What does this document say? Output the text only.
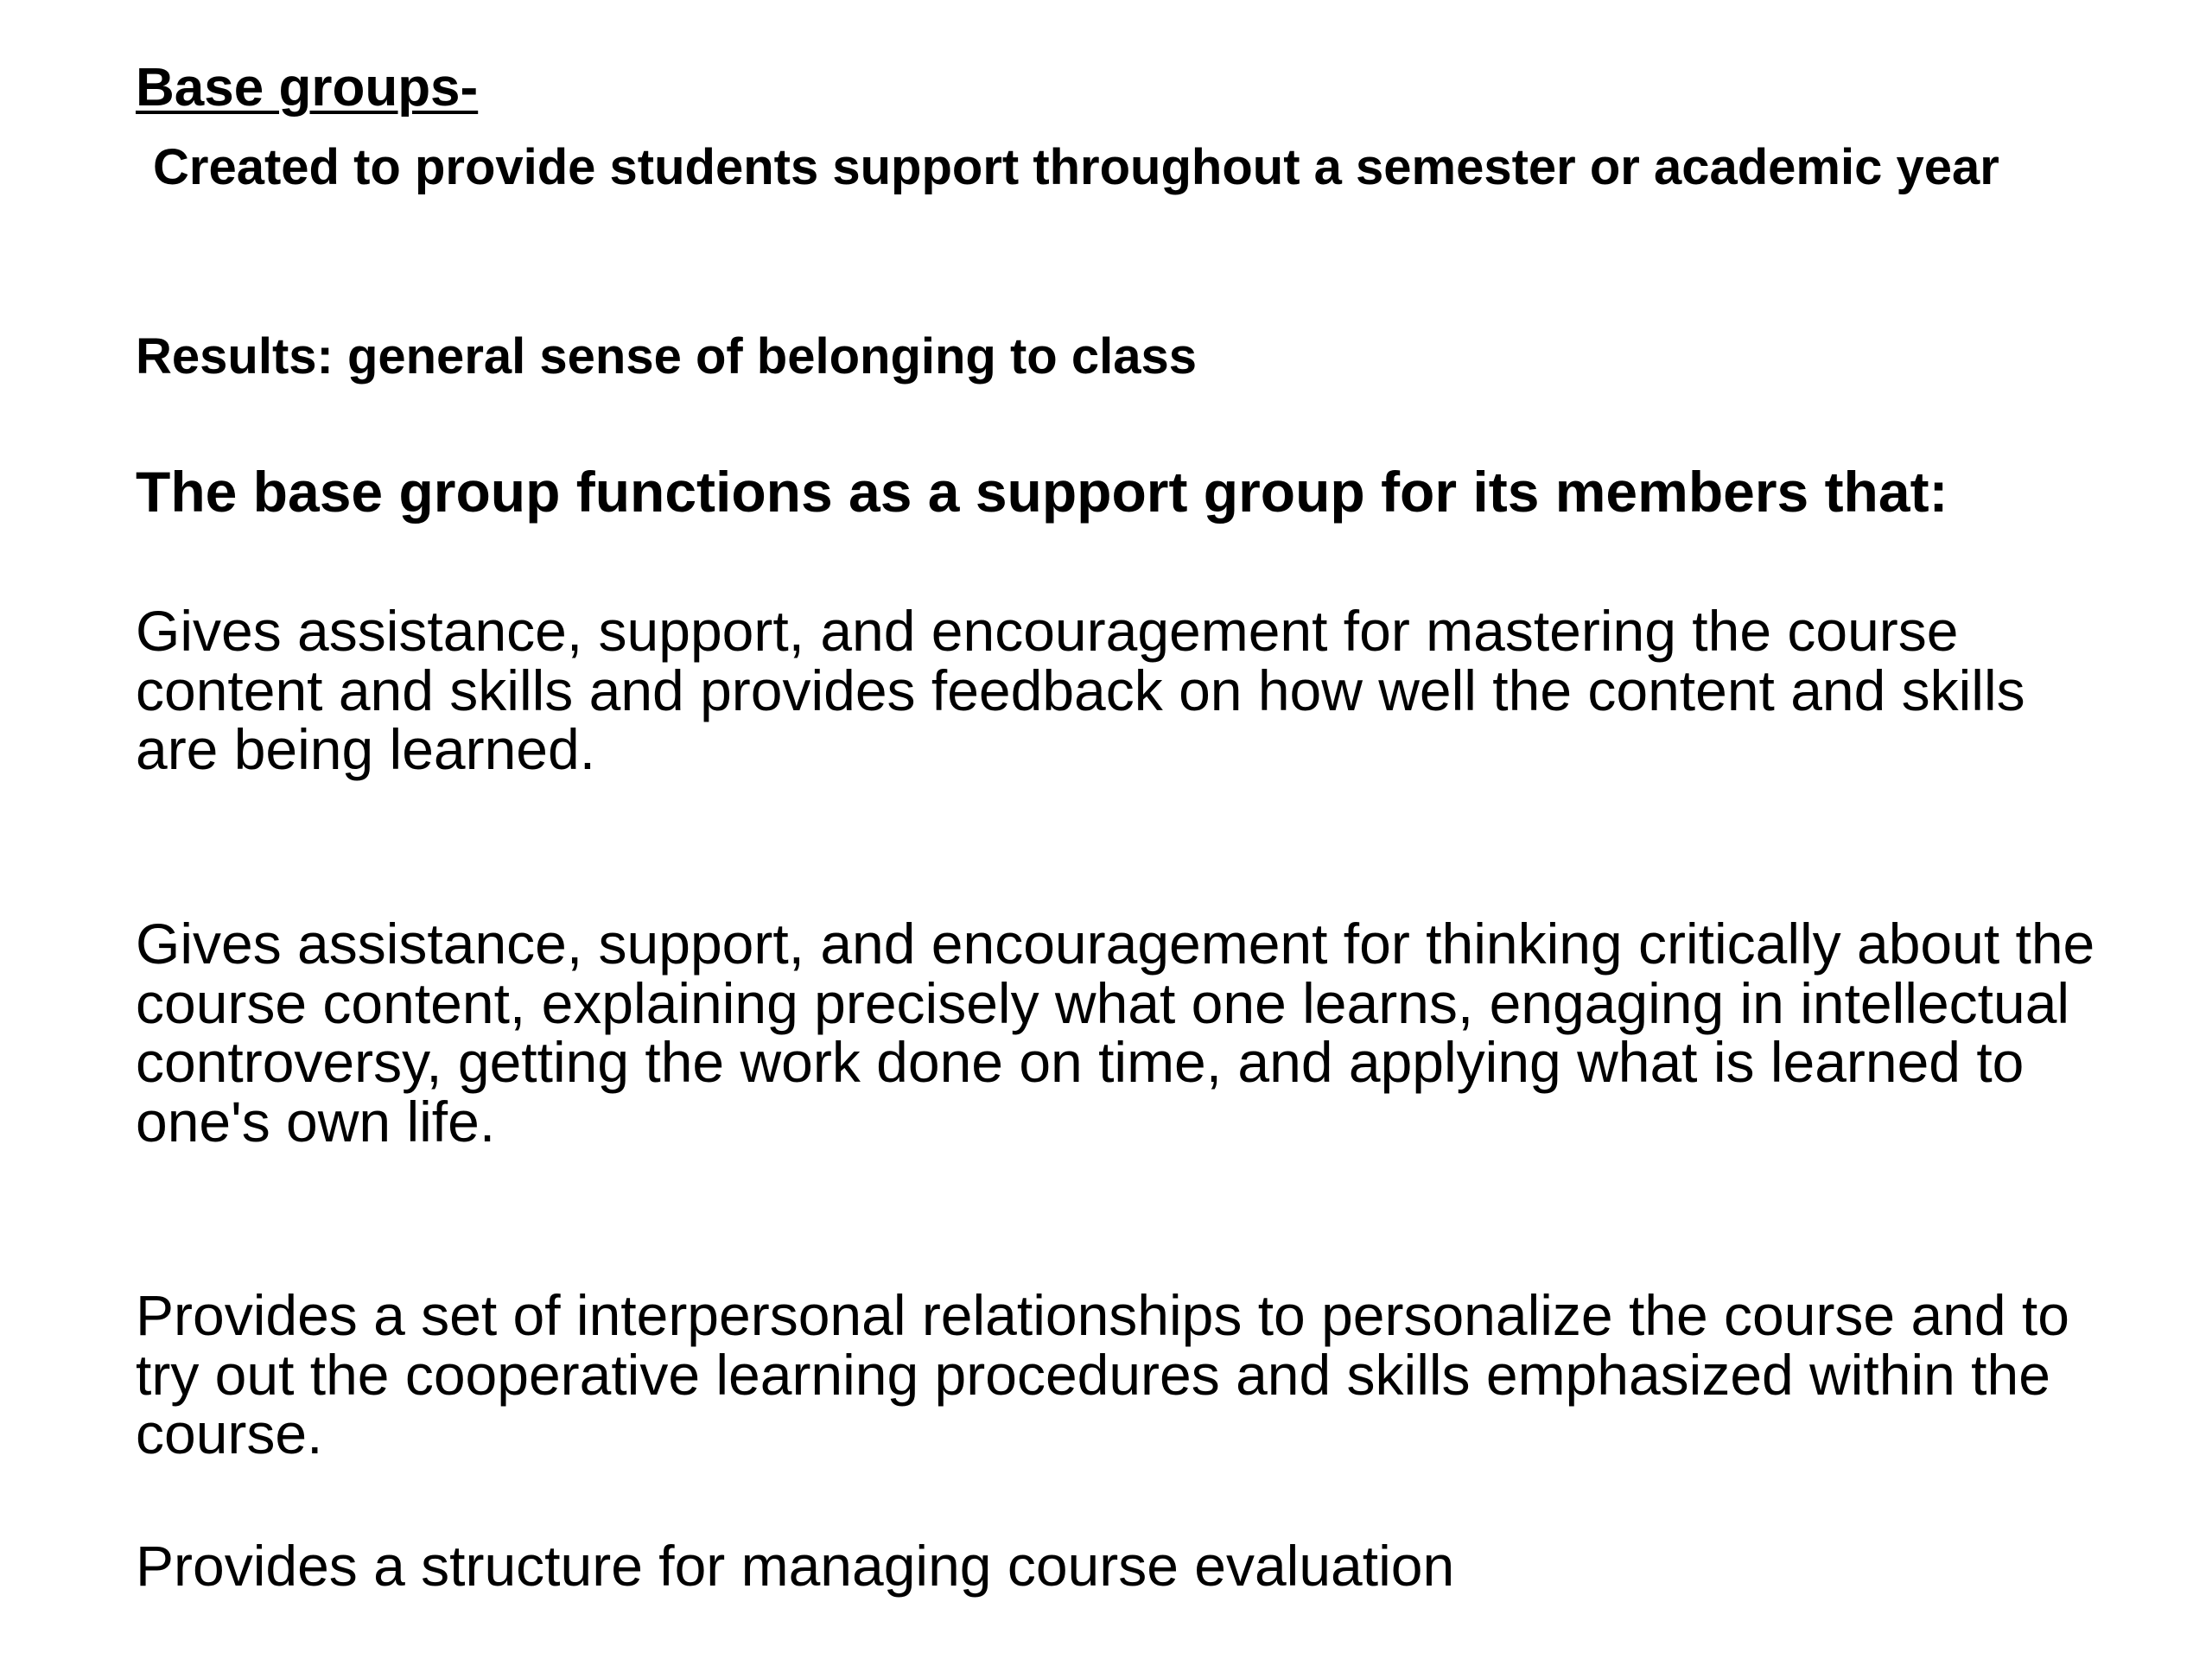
Base groups-

Created to provide students support throughout a semester or academic year

Results: general sense of belonging to class

The base group functions as a support group for its members that:

Gives assistance, support, and encouragement for mastering the course content and skills and provides feedback on how well the content and skills are being learned.

Gives assistance, support, and encouragement for thinking critically about the course content, explaining precisely what one learns, engaging in intellectual controversy, getting the work done on time, and applying what is learned to one's own life.

Provides a set of interpersonal relationships to personalize the course and to try out the cooperative learning procedures and skills emphasized within the course.

Provides a structure for managing course evaluation
